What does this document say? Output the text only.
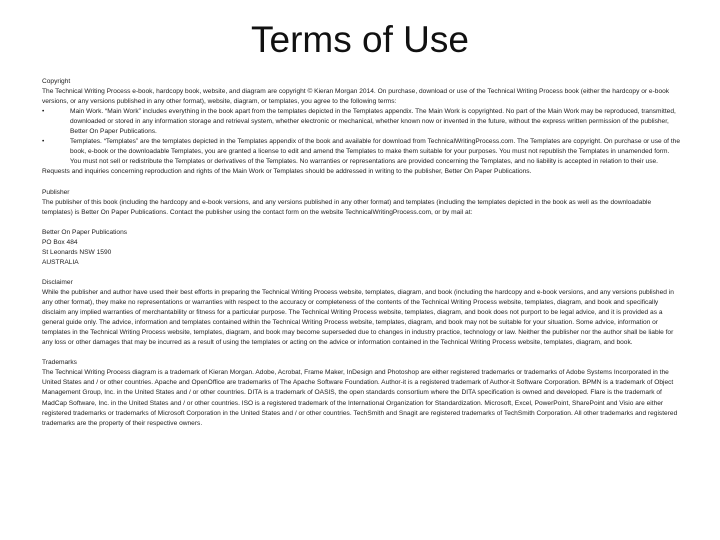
Terms of Use

Copyright

The Technical Writing Process e-book, hardcopy book, website, and diagram are copyright © Kieran Morgan 2014. On purchase, download or use of the Technical Writing Process book (either the hardcopy or e-book versions, or any versions published in any other format), website, diagram, or templates, you agree to the following terms:

•	Main Work. “Main Work” includes everything in the book apart from the templates depicted in the Templates appendix. The Main Work is copyrighted. No part of the Main Work may be reproduced, transmitted, downloaded or stored in any information storage and retrieval system, whether electronic or mechanical, whether known now or invented in the future, without the express written permission of the publisher, Better On Paper Publications.
•	Templates. “Templates” are the templates depicted in the Templates appendix of the book and available for download from TechnicalWritingProcess.com. The Templates are copyright. On purchase or use of the book, e-book or the downloadable Templates, you are granted a license to edit and amend the Templates to make them suitable for your purposes. You must not republish the Templates in unamended form. You must not sell or redistribute the Templates or derivatives of the Templates. No warranties or representations are provided concerning the Templates, and no liability is accepted in relation to their use.

Requests and inquiries concerning reproduction and rights of the Main Work or Templates should be addressed in writing to the publisher, Better On Paper Publications.

Publisher

The publisher of this book (including the hardcopy and e-book versions, and any versions published in any other format) and templates (including the templates depicted in the book as well as the downloadable templates) is Better On Paper Publications. Contact the publisher using the contact form on the website TechnicalWritingProcess.com, or by mail at:

Better On Paper Publications

PO Box 484

St Leonards NSW 1590

AUSTRALIA

Disclaimer

While the publisher and author have used their best efforts in preparing the Technical Writing Process website, templates, diagram, and book (including the hardcopy and e-book versions, and any versions published in any other format), they make no representations or warranties with respect to the accuracy or completeness of the contents of the Technical Writing Process website, templates, diagram, and book and specifically disclaim any implied warranties of merchantability or fitness for a particular purpose. The Technical Writing Process website, templates, diagram, and book does not purport to be legal advice, and it is provided as a general guide only. The advice, information and templates contained within the Technical Writing Process website, templates, diagram, and book may not be suitable for your situation. Some advice, information or templates in the Technical Writing Process website, templates, diagram, and book may become superseded due to changes in industry practice, technology or law. Neither the publisher nor the author shall be liable for any loss or other damages that may be incurred as a result of using the templates or acting on the advice or information contained in the Technical Writing Process website, templates, diagram, and book.

Trademarks

The Technical Writing Process diagram is a trademark of Kieran Morgan. Adobe, Acrobat, Frame Maker, InDesign and Photoshop are either registered trademarks or trademarks of Adobe Systems Incorporated in the United States and / or other countries. Apache and OpenOffice are trademarks of The Apache Software Foundation. Author-it is a registered trademark of Author-it Software Corporation. BPMN is a trademark of Object Management Group, Inc. in the United States and / or other countries. DITA is a trademark of OASIS, the open standards consortium where the DITA specification is owned and developed. Flare is the trademark of MadCap Software, Inc. in the United States and / or other countries. ISO is a registered trademark of the International Organization for Standardization. Microsoft, Excel, PowerPoint, SharePoint and Visio are either registered trademarks or trademarks of Microsoft Corporation in the United States and / or other countries. TechSmith and Snagit are registered trademarks of TechSmith Corporation. All other trademarks and registered trademarks are the property of their respective owners.
